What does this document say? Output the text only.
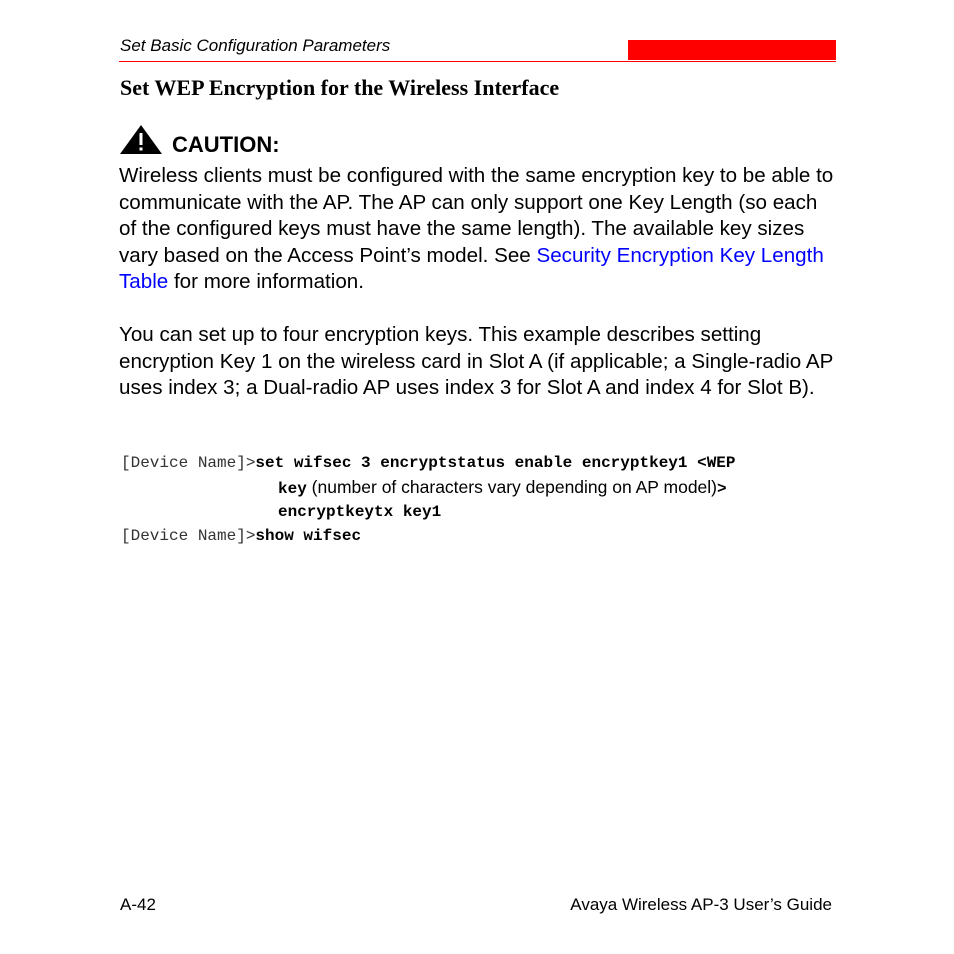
Set Basic Configuration Parameters
Set WEP Encryption for the Wireless Interface
CAUTION:

Wireless clients must be configured with the same encryption key to be able to communicate with the AP. The AP can only support one Key Length (so each of the configured keys must have the same length). The available key sizes vary based on the Access Point’s model. See Security Encryption Key Length Table for more information.

You can set up to four encryption keys. This example describes setting encryption Key 1 on the wireless card in Slot A (if applicable; a Single-radio AP uses index 3; a Dual-radio AP uses index 3 for Slot A and index 4 for Slot B).

[Device Name]>set wifsec 3 encryptstatus enable encryptkey1 <WEP
key (number of characters vary depending on AP model)>
encryptkeytx key1
[Device Name]>show wifsec
A-42	Avaya Wireless AP-3 User’s Guide
